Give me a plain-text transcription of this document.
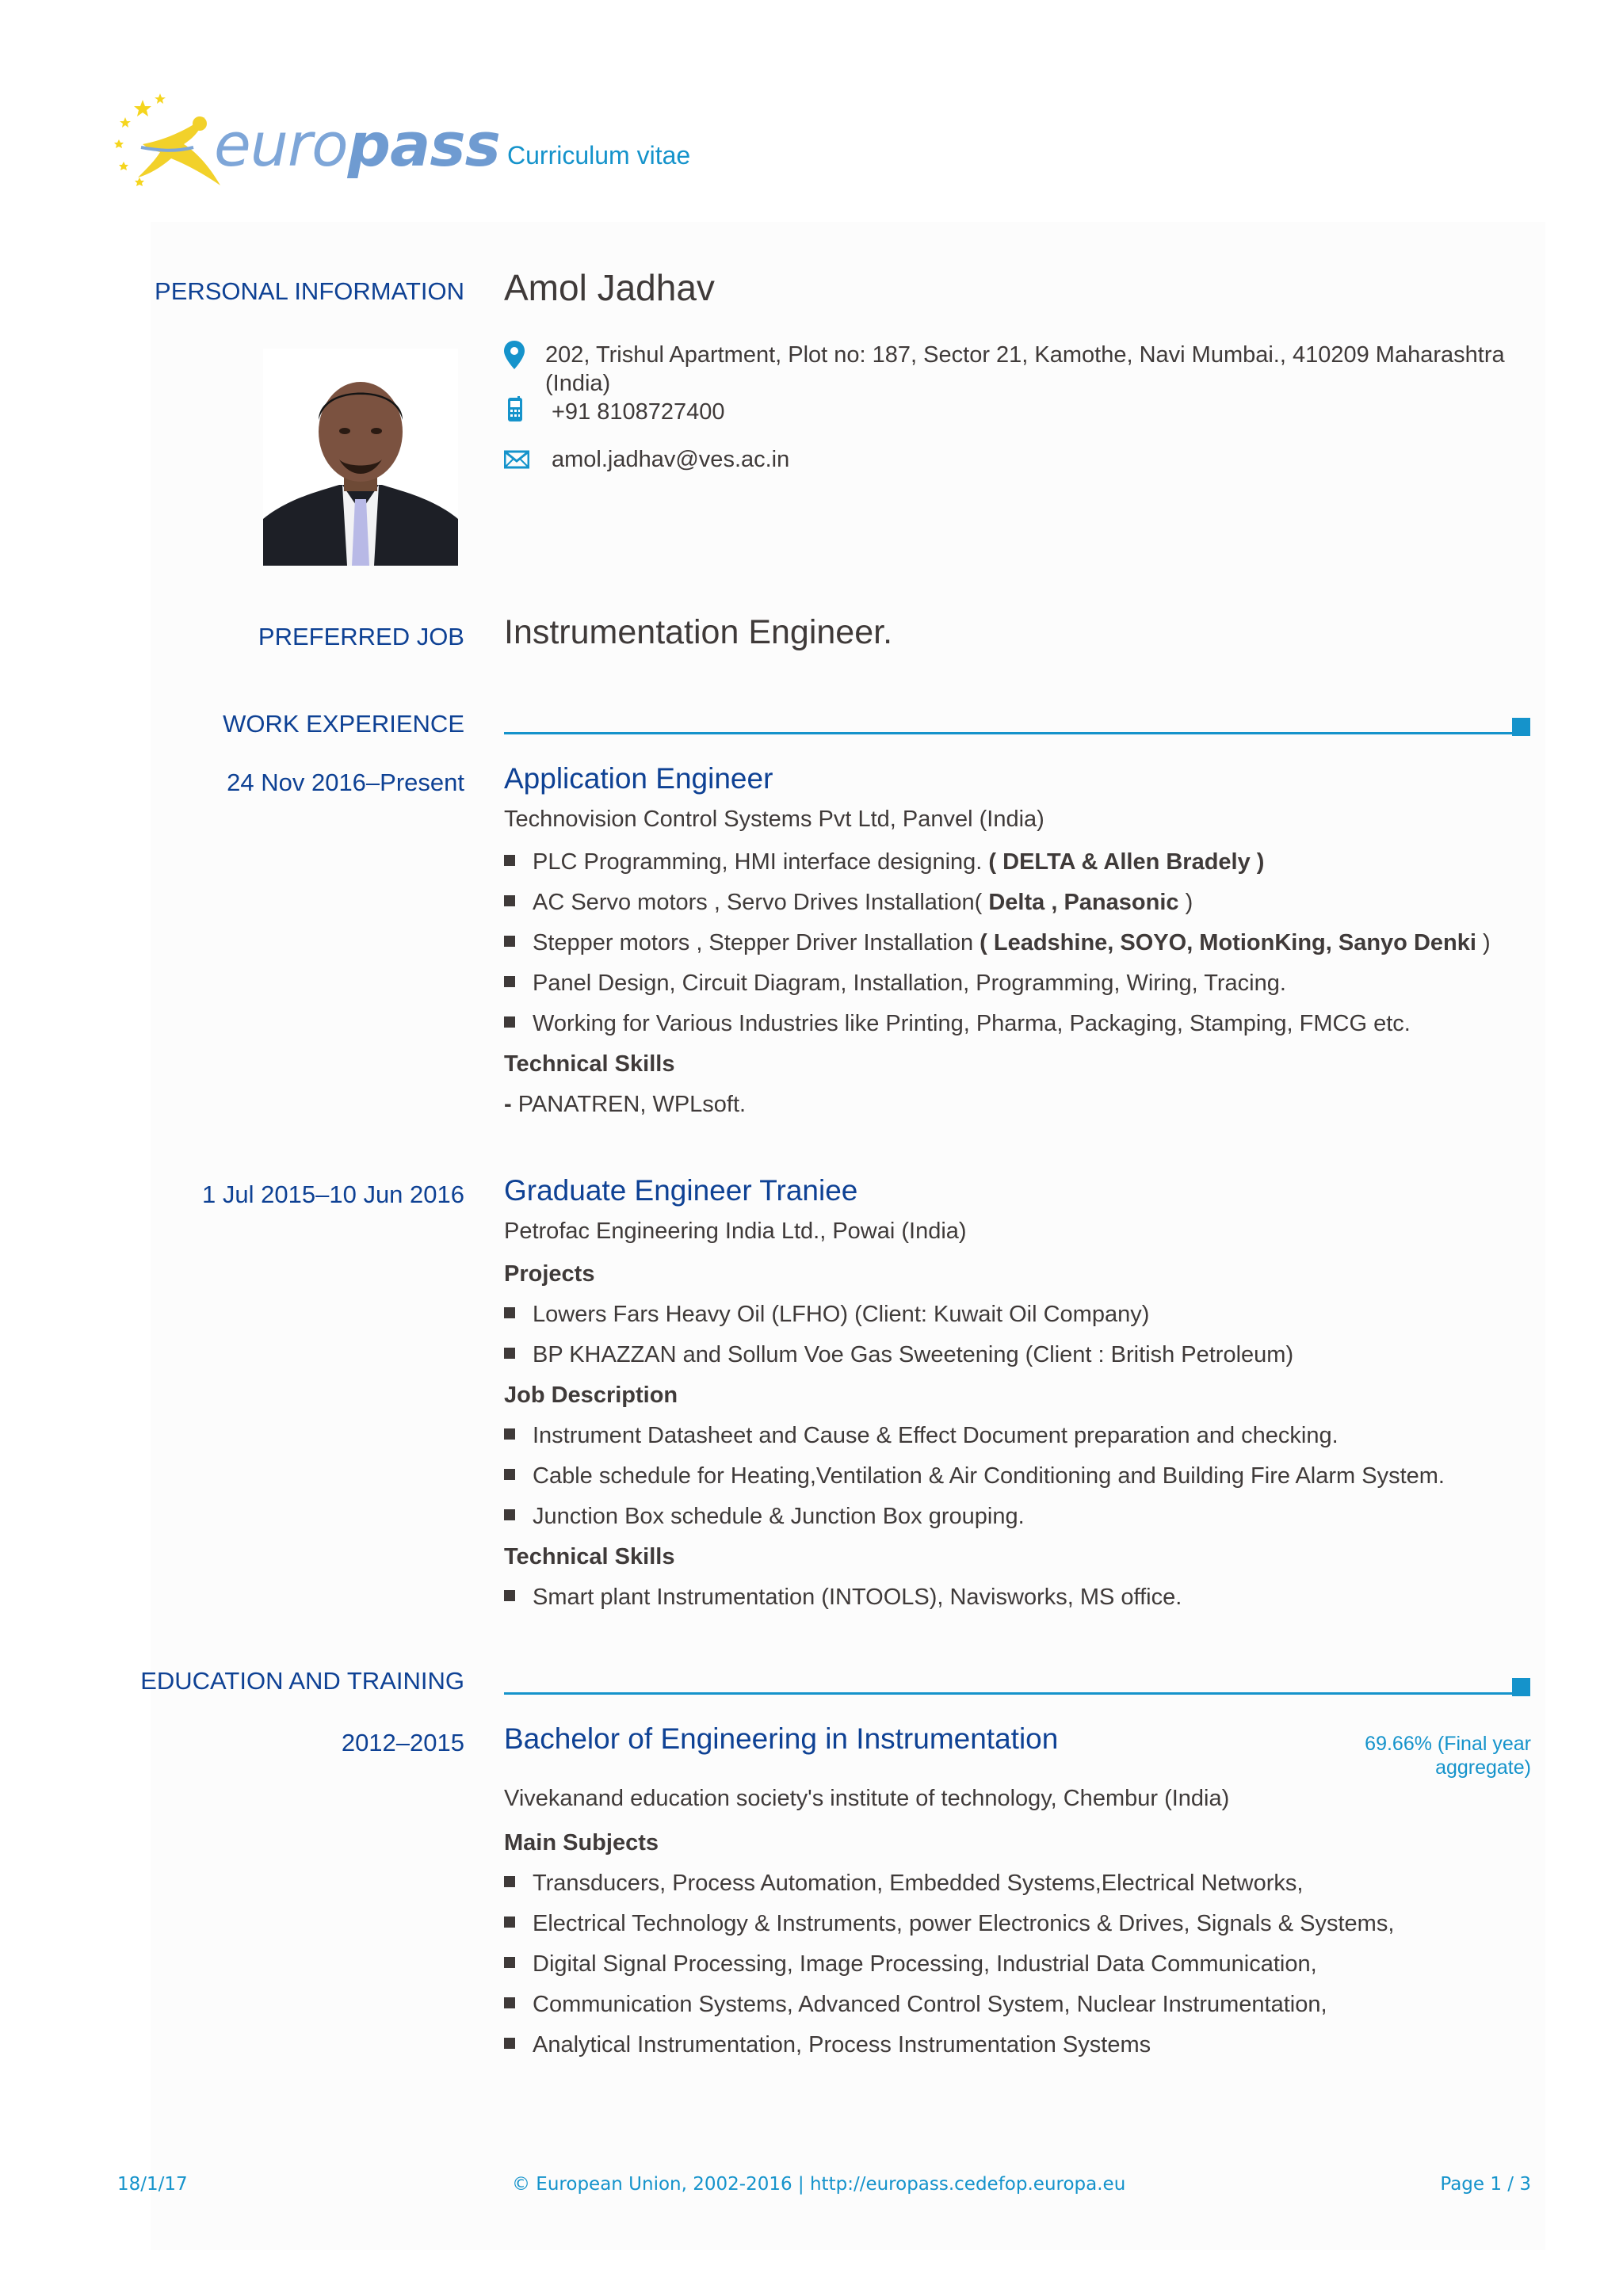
europass Curriculum vitae
PERSONAL INFORMATION Amol Jadhav
202, Trishul Apartment, Plot no: 187, Sector 21, Kamothe, Navi Mumbai., 410209 Maharashtra
(India)
+91 8108727400
amol.jadhav@ves.ac.in
PREFERRED JOB Instrumentation Engineer.
WORK EXPERIENCE
24 Nov 2016–Present Application Engineer
Technovision Control Systems Pvt Ltd, Panvel (India)
PLC Programming, HMI interface designing. ( DELTA & Allen Bradely )
AC Servo motors , Servo Drives Installation( Delta , Panasonic )
Stepper motors , Stepper Driver Installation ( Leadshine, SOYO, MotionKing, Sanyo Denki )
Panel Design, Circuit Diagram, Installation, Programming, Wiring, Tracing.
Working for Various Industries like Printing, Pharma, Packaging, Stamping, FMCG etc.
Technical Skills
- PANATREN, WPLsoft.
1 Jul 2015–10 Jun 2016 Graduate Engineer Traniee
Petrofac Engineering India Ltd., Powai (India)
Projects
Lowers Fars Heavy Oil (LFHO) (Client: Kuwait Oil Company)
BP KHAZZAN and Sollum Voe Gas Sweetening (Client : British Petroleum)
Job Description
Instrument Datasheet and Cause & Effect Document preparation and checking.
Cable schedule for Heating,Ventilation & Air Conditioning and Building Fire Alarm System.
Junction Box schedule & Junction Box grouping.
Technical Skills
Smart plant Instrumentation (INTOOLS), Navisworks, MS office.
EDUCATION AND TRAINING
2012–2015 Bachelor of Engineering in Instrumentation	69.66% (Final year
aggregate)
Vivekanand education society's institute of technology, Chembur (India)
Main Subjects
Transducers, Process Automation, Embedded Systems,Electrical Networks,
Electrical Technology & Instruments, power Electronics & Drives, Signals & Systems,
Digital Signal Processing, Image Processing, Industrial Data Communication,
Communication Systems, Advanced Control System, Nuclear Instrumentation,
Analytical Instrumentation, Process Instrumentation Systems
18/1/17	© European Union, 2002-2016 | http://europass.cedefop.europa.eu	Page 1 / 3
